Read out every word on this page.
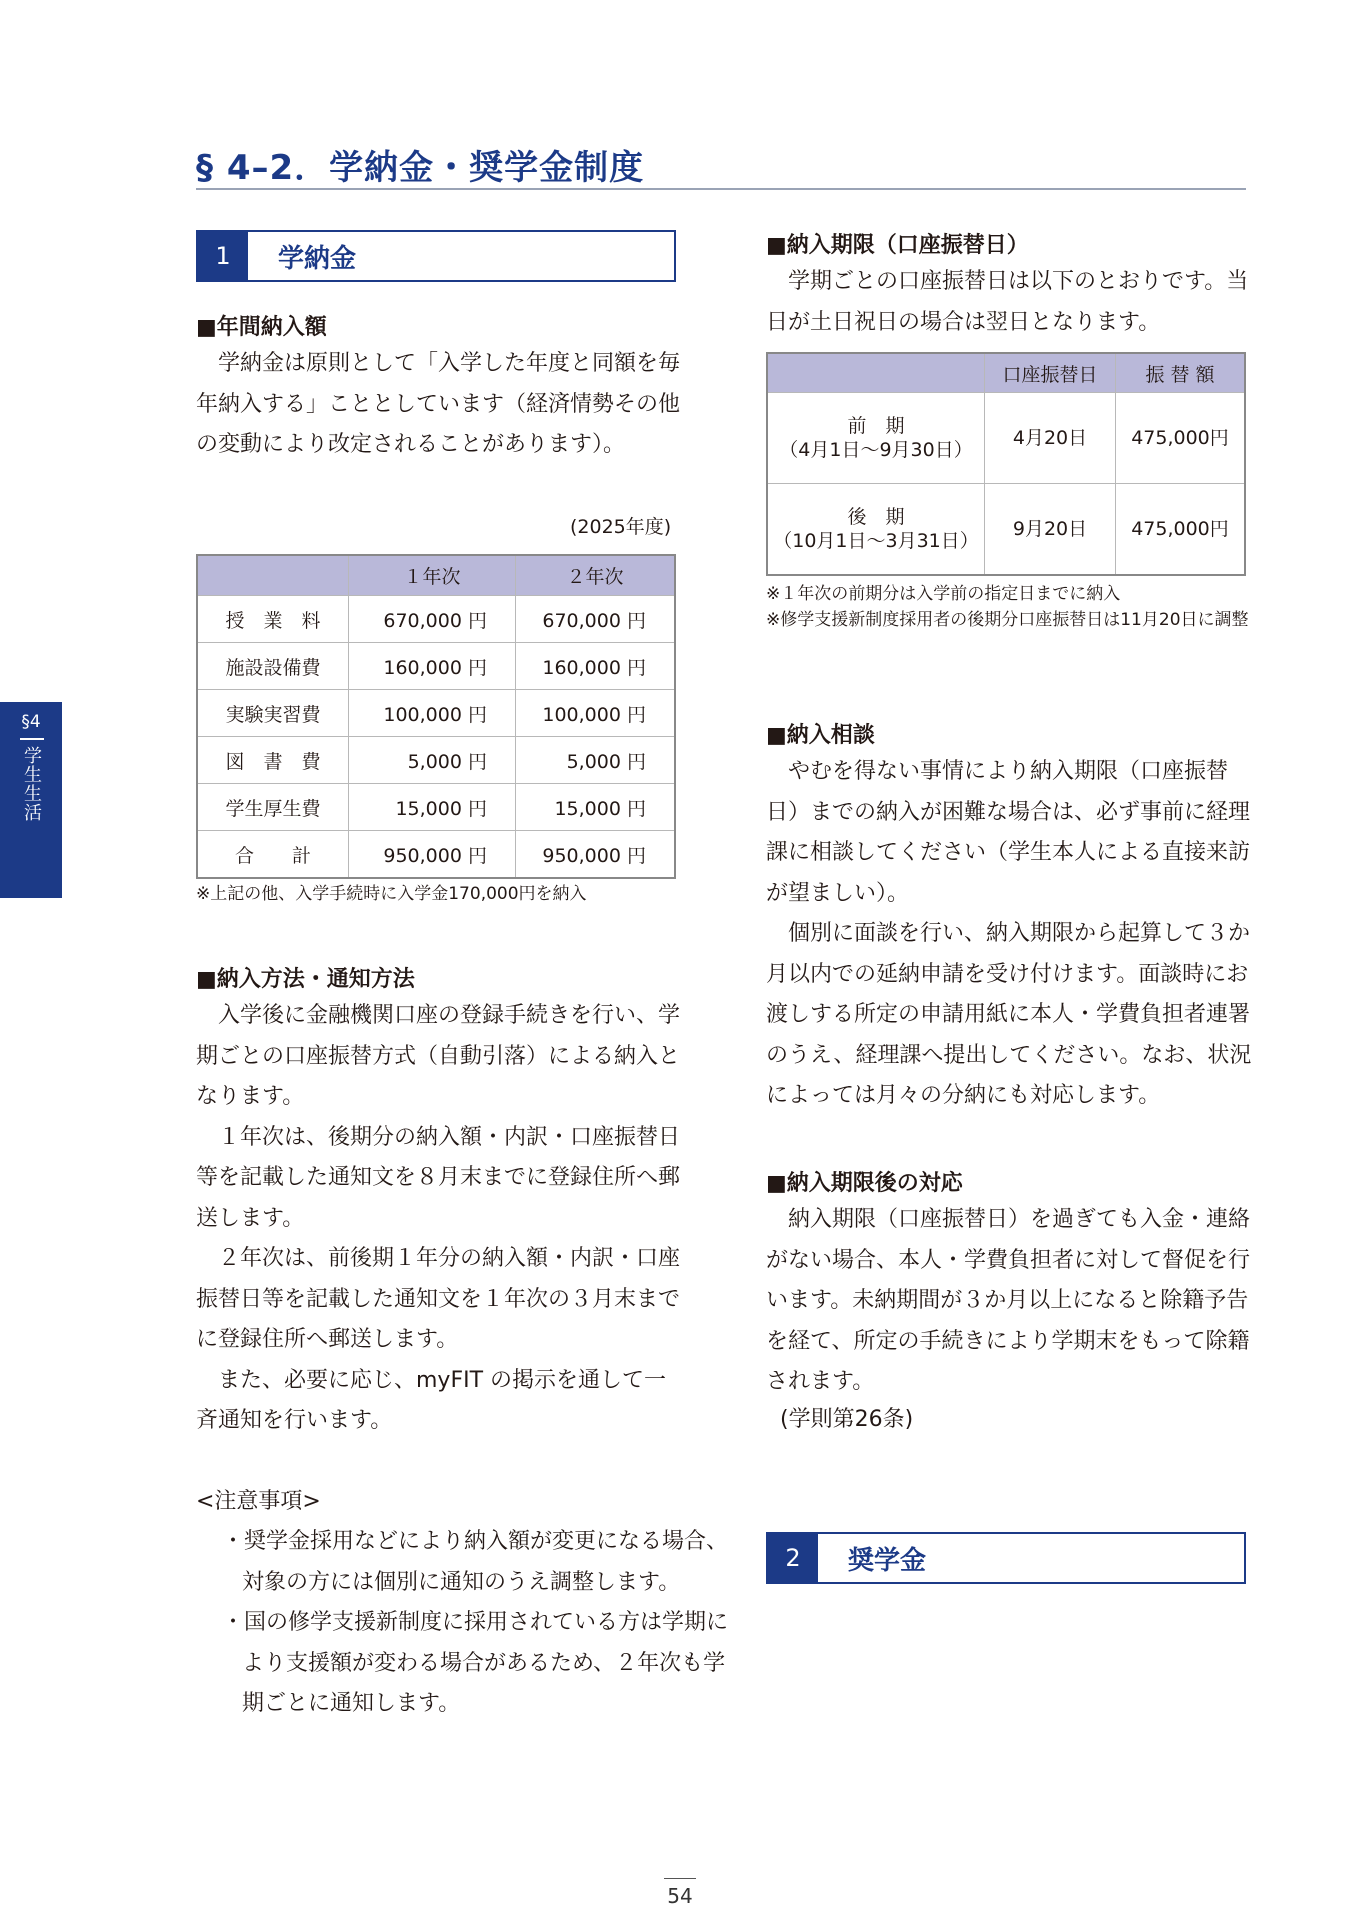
§ 4–2．学納金・奨学金制度
§4
学生生活
1	学納金
■年間納入額
学納金は原則として「入学した年度と同額を毎年納入する」こととしています（経済情勢その他の変動により改定されることがあります）。
(2025年度)
	１年次	２年次
授　業　料	670,000 円	670,000 円
施設設備費	160,000 円	160,000 円
実験実習費	100,000 円	100,000 円
図　書　費	5,000 円	5,000 円
学生厚生費	15,000 円	15,000 円
合　　計	950,000 円	950,000 円
※上記の他、入学手続時に入学金170,000円を納入
■納入方法・通知方法
入学後に金融機関口座の登録手続きを行い、学期ごとの口座振替方式（自動引落）による納入となります。
１年次は、後期分の納入額・内訳・口座振替日等を記載した通知文を８月末までに登録住所へ郵送します。
２年次は、前後期１年分の納入額・内訳・口座振替日等を記載した通知文を１年次の３月末までに登録住所へ郵送します。
また、必要に応じ、myFIT の掲示を通して一斉通知を行います。
<注意事項>
・奨学金採用などにより納入額が変更になる場合、対象の方には個別に通知のうえ調整します。
・国の修学支援新制度に採用されている方は学期により支援額が変わる場合があるため、２年次も学期ごとに通知します。
■納入期限（口座振替日）
学期ごとの口座振替日は以下のとおりです。当日が土日祝日の場合は翌日となります。
	口座振替日	振 替 額

前　期
（4月1日～9月30日）	4月20日	475,000円

後　期
（10月1日～3月31日）	9月20日	475,000円
※１年次の前期分は入学前の指定日までに納入
※修学支援新制度採用者の後期分口座振替日は11月20日に調整
■納入相談
やむを得ない事情により納入期限（口座振替日）までの納入が困難な場合は、必ず事前に経理課に相談してください（学生本人による直接来訪が望ましい）。
個別に面談を行い、納入期限から起算して３か月以内での延納申請を受け付けます。面談時にお渡しする所定の申請用紙に本人・学費負担者連署のうえ、経理課へ提出してください。なお、状況によっては月々の分納にも対応します。
■納入期限後の対応
納入期限（口座振替日）を過ぎても入金・連絡がない場合、本人・学費負担者に対して督促を行います。未納期間が３か月以上になると除籍予告を経て、所定の手続きにより学期末をもって除籍されます。
(学則第26条)
2	奨学金
54
